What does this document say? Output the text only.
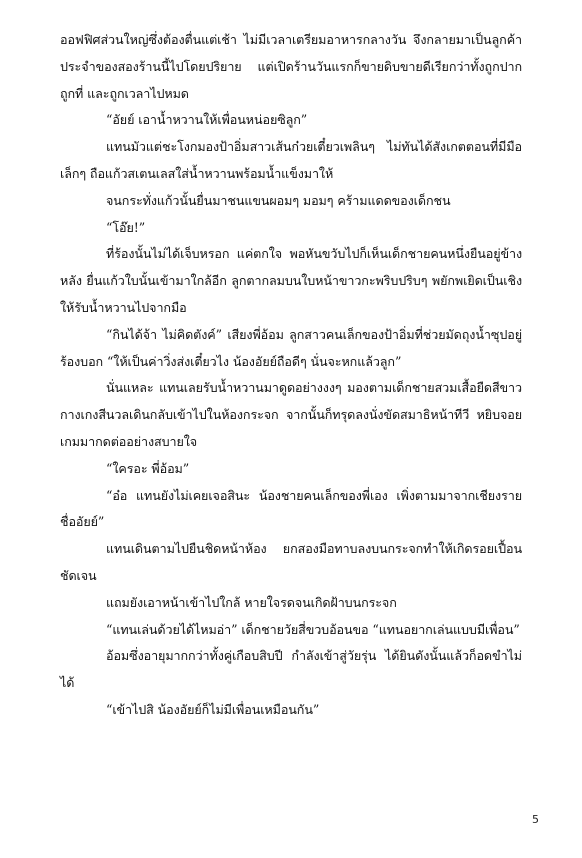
ออฟฟิศส่วนใหญ่ซึ่งต้องตื่นแต่เช้า ไม่มีเวลาเตรียมอาหารกลางวัน จึงกลายมาเป็นลูกค้าประจำของสองร้านนี้ไปโดยปริยาย แต่เปิดร้านวันแรกก็ขายดิบขายดีเรียกว่าทั้งถูกปาก ถูกที่ และถูกเวลาไปหมด

“อัยย์ เอาน้ำหวานให้เพื่อนหน่อยซิลูก”

แทนมัวแต่ชะโงกมองป้าอิ่มสาวเส้นก๋วยเตี๋ยวเพลินๆ ไม่ทันได้สังเกตตอนที่มีมือเล็กๆ ถือแก้วสเตนเลสใส่น้ำหวานพร้อมน้ำแข็งมาให้

จนกระทั่งแก้วนั้นยื่นมาชนแขนผอมๆ มอมๆ คร้ามแดดของเด็กชน

“โอ๊ย!”

ที่ร้องนั้นไม่ได้เจ็บหรอก แค่ตกใจ พอหันขวับไปก็เห็นเด็กชายคนหนึ่งยืนอยู่ข้างหลัง ยื่นแก้วใบนั้นเข้ามาใกล้อีก ลูกตากลมบนใบหน้าขาวกะพริบปริบๆ พยักพเยิดเป็นเชิงให้รับน้ำหวานไปจากมือ

“กินได้จ้า ไม่คิดตังค์” เสียงพี่อ้อม ลูกสาวคนเล็กของป้าอิ่มที่ช่วยมัดถุงน้ำซุปอยู่ร้องบอก “ให้เป็นค่าวิ่งส่งเตี๋ยวไง น้องอัยย์ถือดีๆ นั่นจะหกแล้วลูก”

นั่นแหละ แทนเลยรับน้ำหวานมาดูดอย่างงงๆ มองตามเด็กชายสวมเสื้อยืดสีขาวกางเกงสีนวลเดินกลับเข้าไปในห้องกระจก จากนั้นก็ทรุดลงนั่งขัดสมาธิหน้าทีวี หยิบจอยเกมมากดต่ออย่างสบายใจ

“ใครอะ พี่อ้อม”

“อ๋อ แทนยังไม่เคยเจอสินะ น้องชายคนเล็กของพี่เอง เพิ่งตามมาจากเชียงราย ชื่ออัยย์”

แทนเดินตามไปยืนชิดหน้าห้อง ยกสองมือทาบลงบนกระจกทำให้เกิดรอยเปื้อนชัดเจน

แถมยังเอาหน้าเข้าไปใกล้ หายใจรดจนเกิดฝ้าบนกระจก

“แทนเล่นด้วยได้ไหมอ่า” เด็กชายวัยสี่ขวบอ้อนขอ “แทนอยากเล่นแบบมีเพื่อน”

อ้อมซึ่งอายุมากกว่าทั้งคู่เกือบสิบปี กำลังเข้าสู่วัยรุ่น ได้ยินดังนั้นแล้วก็อดขำไม่ได้

“เข้าไปสิ น้องอัยย์ก็ไม่มีเพื่อนเหมือนกัน”

5
